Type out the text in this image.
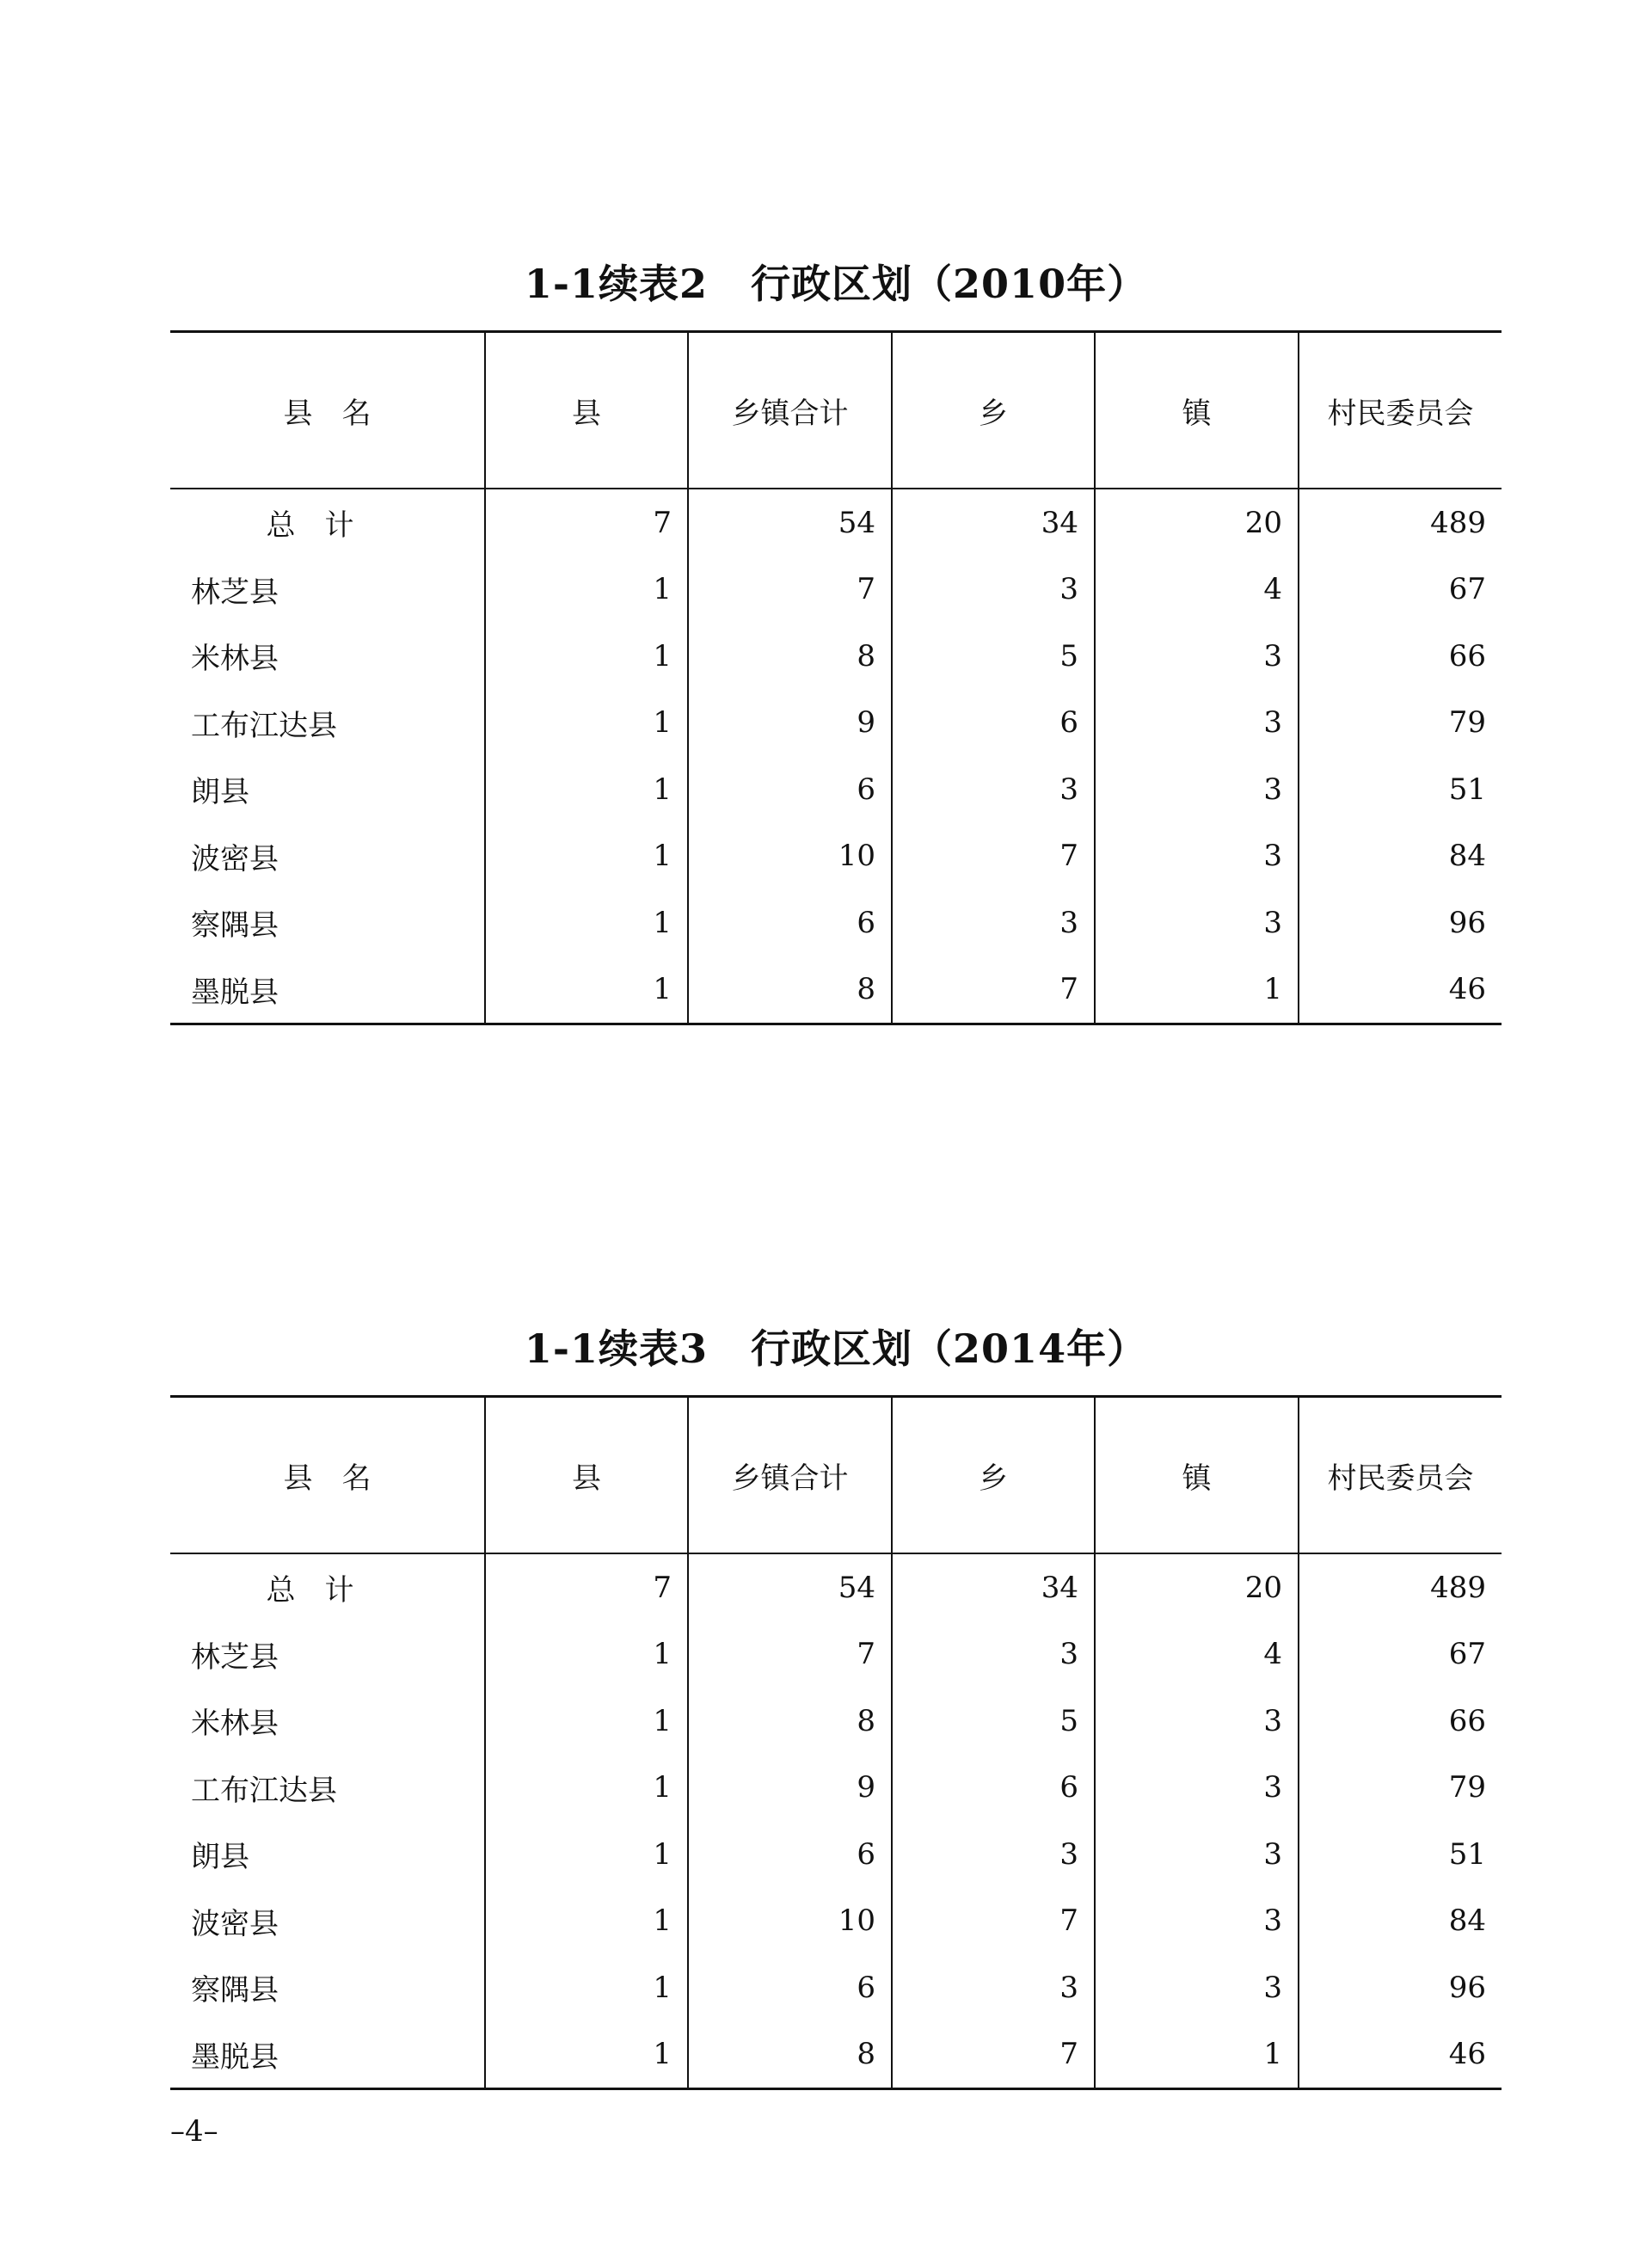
1-1续表2 行政区划（2010年）
县　名	县	乡镇合计	乡	镇	村民委员会
总　计	7	54	34	20	489
林芝县	1	7	3	4	67
米林县	1	8	5	3	66
工布江达县	1	9	6	3	79
朗县	1	6	3	3	51
波密县	1	10	7	3	84
察隅县	1	6	3	3	96
墨脱县	1	8	7	1	46
1-1续表3 行政区划（2014年）
县　名	县	乡镇合计	乡	镇	村民委员会
总　计	7	54	34	20	489
林芝县	1	7	3	4	67
米林县	1	8	5	3	66
工布江达县	1	9	6	3	79
朗县	1	6	3	3	51
波密县	1	10	7	3	84
察隅县	1	6	3	3	96
墨脱县	1	8	7	1	46
–4–
